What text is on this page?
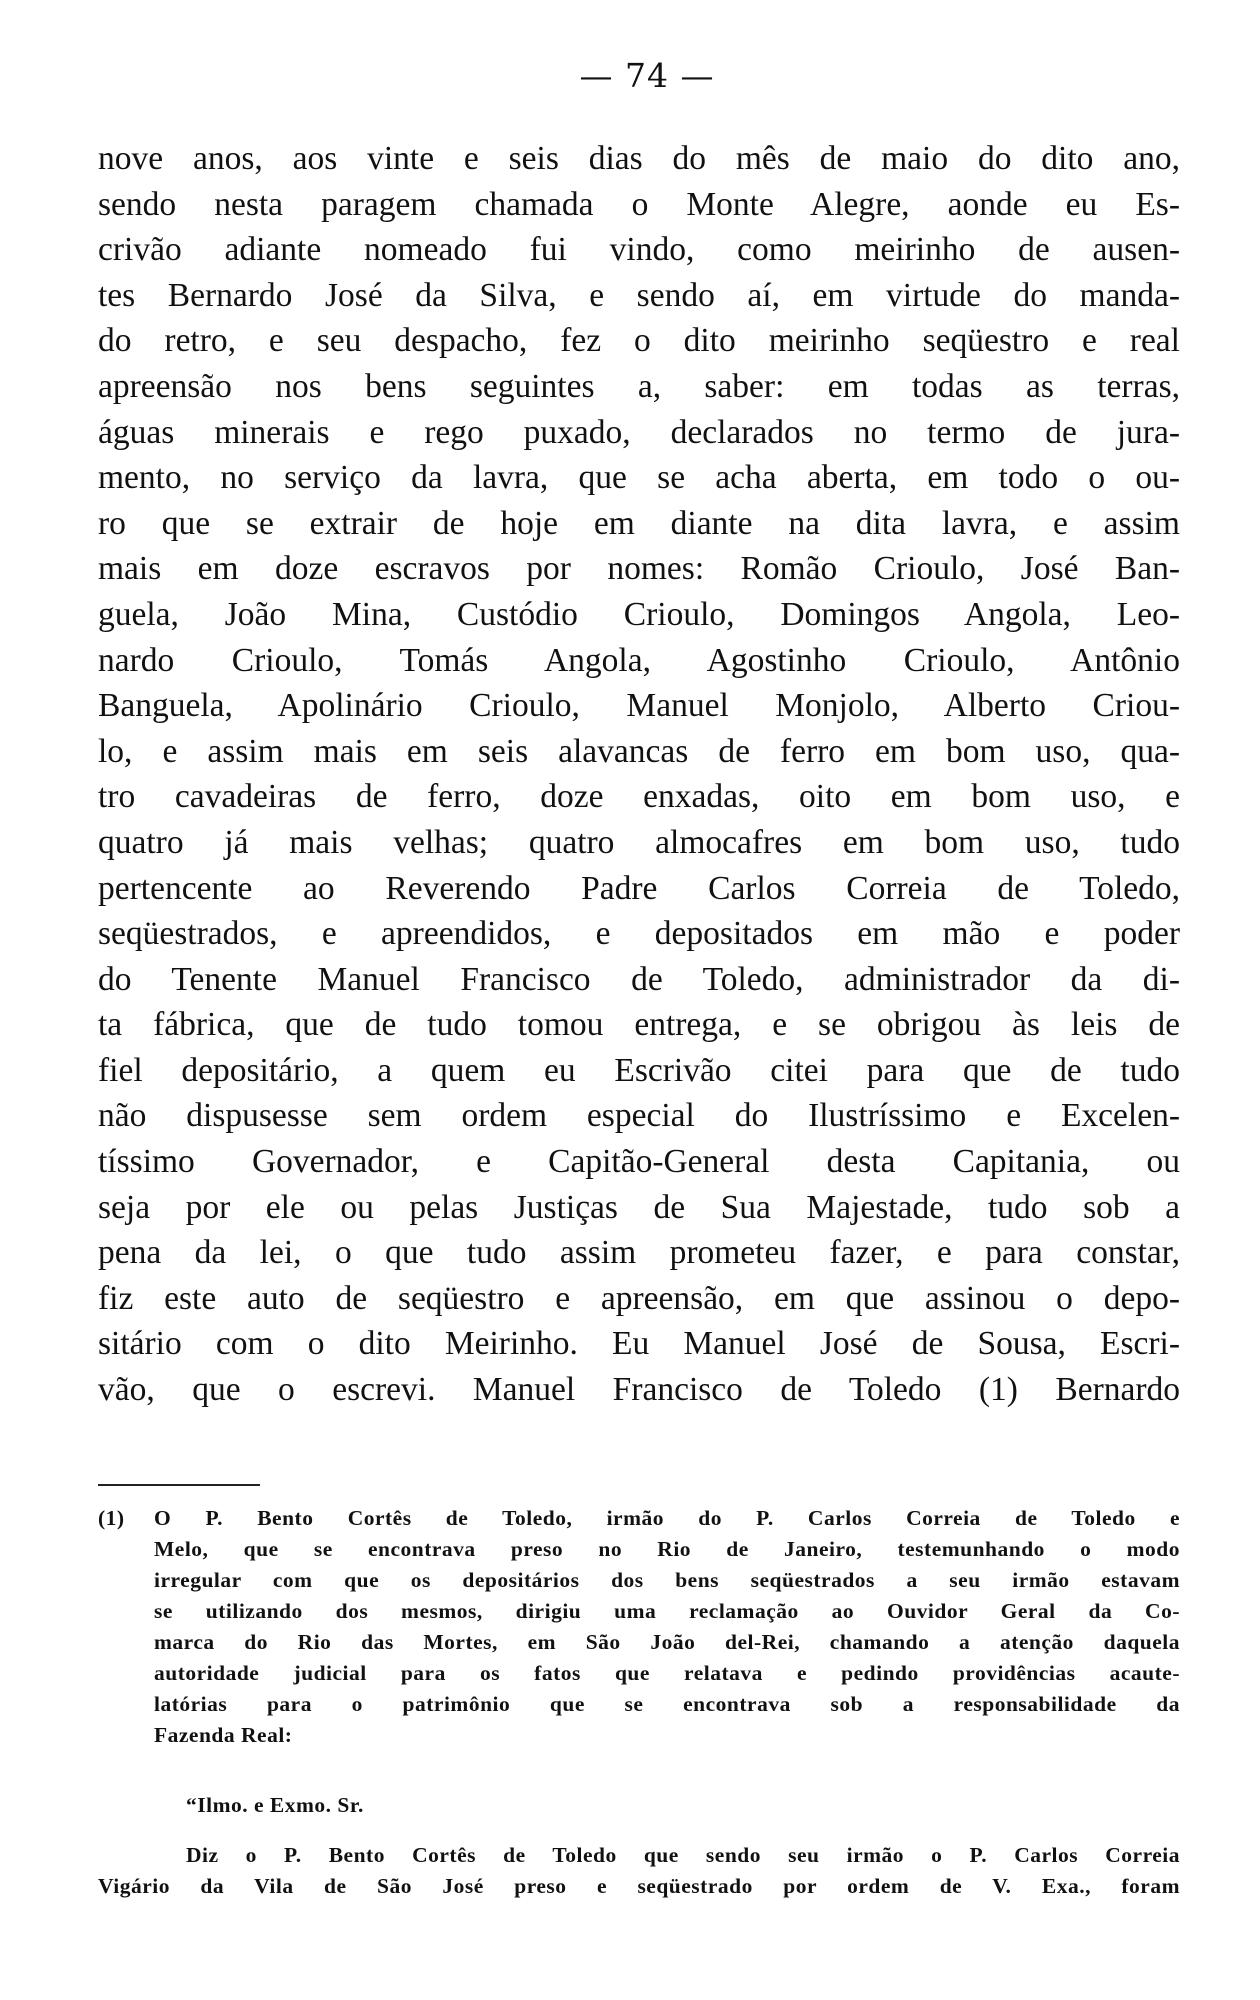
— 74 —

nove anos, aos vinte e seis dias do mês de maio do dito ano,
sendo nesta paragem chamada o Monte Alegre, aonde eu Es-
crivão adiante nomeado fui vindo, como meirinho de ausen-
tes Bernardo José da Silva, e sendo aí, em virtude do manda-
do retro, e seu despacho, fez o dito meirinho seqüestro e real
apreensão nos bens seguintes a, saber: em todas as terras,
águas minerais e rego puxado, declarados no termo de jura-
mento, no serviço da lavra, que se acha aberta, em todo o ou-
ro que se extrair de hoje em diante na dita lavra, e assim
mais em doze escravos por nomes: Romão Crioulo, José Ban-
guela, João Mina, Custódio Crioulo, Domingos Angola, Leo-
nardo Crioulo, Tomás Angola, Agostinho Crioulo, Antônio
Banguela, Apolinário Crioulo, Manuel Monjolo, Alberto Criou-
lo, e assim mais em seis alavancas de ferro em bom uso, qua-
tro cavadeiras de ferro, doze enxadas, oito em bom uso, e
quatro já mais velhas; quatro almocafres em bom uso, tudo
pertencente ao Reverendo Padre Carlos Correia de Toledo,
seqüestrados, e apreendidos, e depositados em mão e poder
do Tenente Manuel Francisco de Toledo, administrador da di-
ta fábrica, que de tudo tomou entrega, e se obrigou às leis de
fiel depositário, a quem eu Escrivão citei para que de tudo
não dispusesse sem ordem especial do Ilustríssimo e Excelen-
tíssimo Governador, e Capitão-General desta Capitania, ou
seja por ele ou pelas Justiças de Sua Majestade, tudo sob a
pena da lei, o que tudo assim prometeu fazer, e para constar,
fiz este auto de seqüestro e apreensão, em que assinou o depo-
sitário com o dito Meirinho. Eu Manuel José de Sousa, Escri-
vão, que o escrevi. Manuel Francisco de Toledo (1) Bernardo
(1)	O P. Bento Cortês de Toledo, irmão do P. Carlos Correia de Toledo e
Melo, que se encontrava preso no Rio de Janeiro, testemunhando o modo
irregular com que os depositários dos bens seqüestrados a seu irmão estavam
se utilizando dos mesmos, dirigiu uma reclamação ao Ouvidor Geral da Co-
marca do Rio das Mortes, em São João del-Rei, chamando a atenção daquela
autoridade judicial para os fatos que relatava e pedindo providências acaute-
latórias para o patrimônio que se encontrava sob a responsabilidade da
Fazenda Real:
“Ilmo. e Exmo. Sr.
Diz o P. Bento Cortês de Toledo que sendo seu irmão o P. Carlos Correia
Vigário da Vila de São José preso e seqüestrado por ordem de V. Exa., foram
